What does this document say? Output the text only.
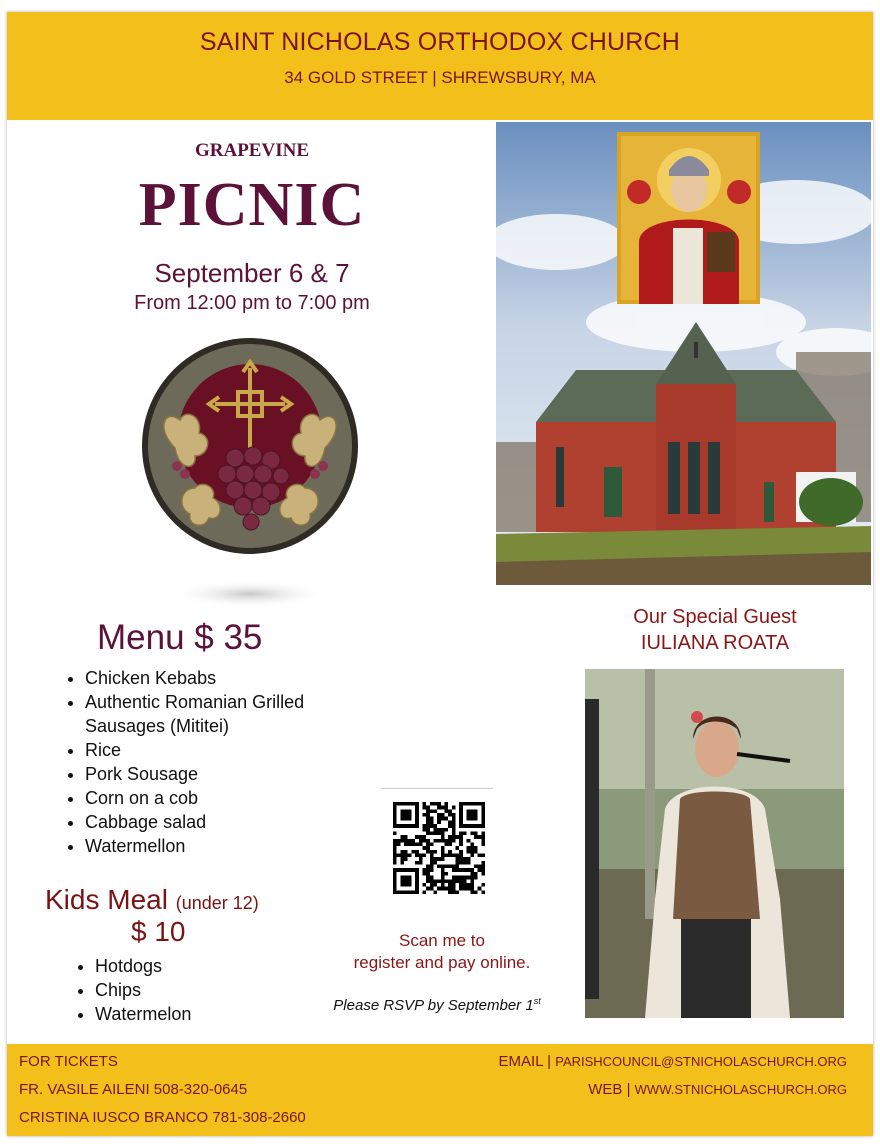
SAINT NICHOLAS ORTHODOX CHURCH
34 GOLD STREET | SHREWSBURY, MA
GRAPEVINE
PICNIC
September 6 & 7
From 12:00 pm to 7:00 pm
Menu $ 35
• Chicken Kebabs
• Authentic Romanian Grilled Sausages (Mititei)
• Rice
• Pork Sousage
• Corn on a cob
• Cabbage salad
• Watermellon
Kids Meal (under 12)
$ 10
• Hotdogs
• Chips
• Watermelon
Scan me to
register and pay online.
Please RSVP by September 1st
Our Special Guest
IULIANA ROATA
FOR TICKETS
FR. VASILE AILENI 508-320-0645
CRISTINA IUSCO BRANCO 781-308-2660
EMAIL | PARISHCOUNCIL@STNICHOLASCHURCH.ORG
WEB | WWW.STNICHOLASCHURCH.ORG
